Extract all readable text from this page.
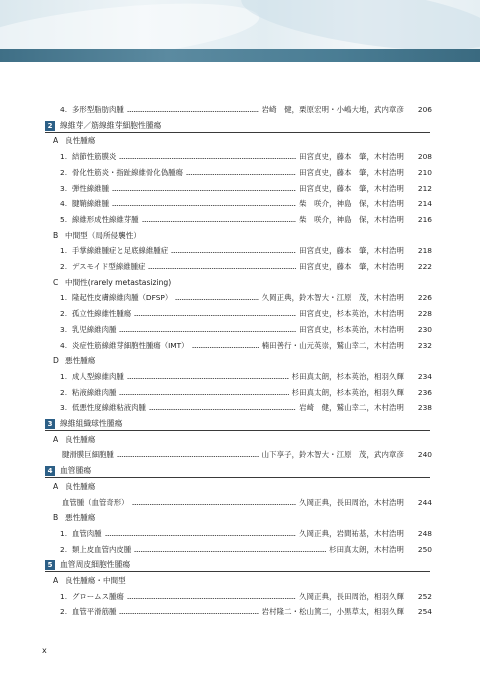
4. 多形型脂肪肉腫	岩崎　健，栗原宏明・小嶋大地，武内章彦	206
2 線維芽／筋線維芽細胞性腫瘍
A 良性腫瘍
1. 結節性筋膜炎	田宮貞史，藤本　肇，木村浩明	208
2. 骨化性筋炎・指趾線維骨化偽腫瘍	田宮貞史，藤本　肇，木村浩明	210
3. 弾性線維腫	田宮貞史，藤本　肇，木村浩明	212
4. 腱鞘線維腫	柴　咲介，神島　保，木村浩明	214
5. 線維形成性線維芽腫	柴　咲介，神島　保，木村浩明	216
B 中間型（局所侵襲性）
1. 手掌線維腫症と足底線維腫症	田宮貞史，藤本　肇，木村浩明	218
2. デスモイド型線維腫症	田宮貞史，藤本　肇，木村浩明	222
C 中間性(rarely metastasizing)
1. 隆起性皮膚線維肉腫（DFSP）	久岡正典，鈴木智大・江原　茂，木村浩明	226
2. 孤立性線維性腫瘍	田宮貞史，杉本英治，木村浩明	228
3. 乳児線維肉腫	田宮貞史，杉本英治，木村浩明	230
4. 炎症性筋線維芽細胞性腫瘍（IMT）	楠田善行・山元英崇，鷲山幸二，木村浩明	232
D 悪性腫瘍
1. 成人型線維肉腫	杉田真太朗，杉本英治，相羽久輝	234
2. 粘液線維肉腫	杉田真太朗，杉本英治，相羽久輝	236
3. 低悪性度線維粘液肉腫	岩崎　健，鷲山幸二，木村浩明	238
3 線維組織球性腫瘍
A 良性腫瘍
腱滑膜巨細胞腫	山下享子，鈴木智大・江原　茂，武内章彦	240
4 血管腫瘍
A 良性腫瘍
血管腫（血管奇形）	久岡正典，長田周治，木村浩明	244
B 悪性腫瘍
1. 血管肉腫	久岡正典，岩間祐基，木村浩明	248
2. 類上皮血管内皮腫	杉田真太朗，木村浩明	250
5 血管周皮細胞性腫瘍
A 良性腫瘍・中間型
1. グロームス腫瘍	久岡正典，長田周治，相羽久輝	252
2. 血管平滑筋腫	岩村隆二・松山篤二，小黒草太，相羽久輝	254
x
